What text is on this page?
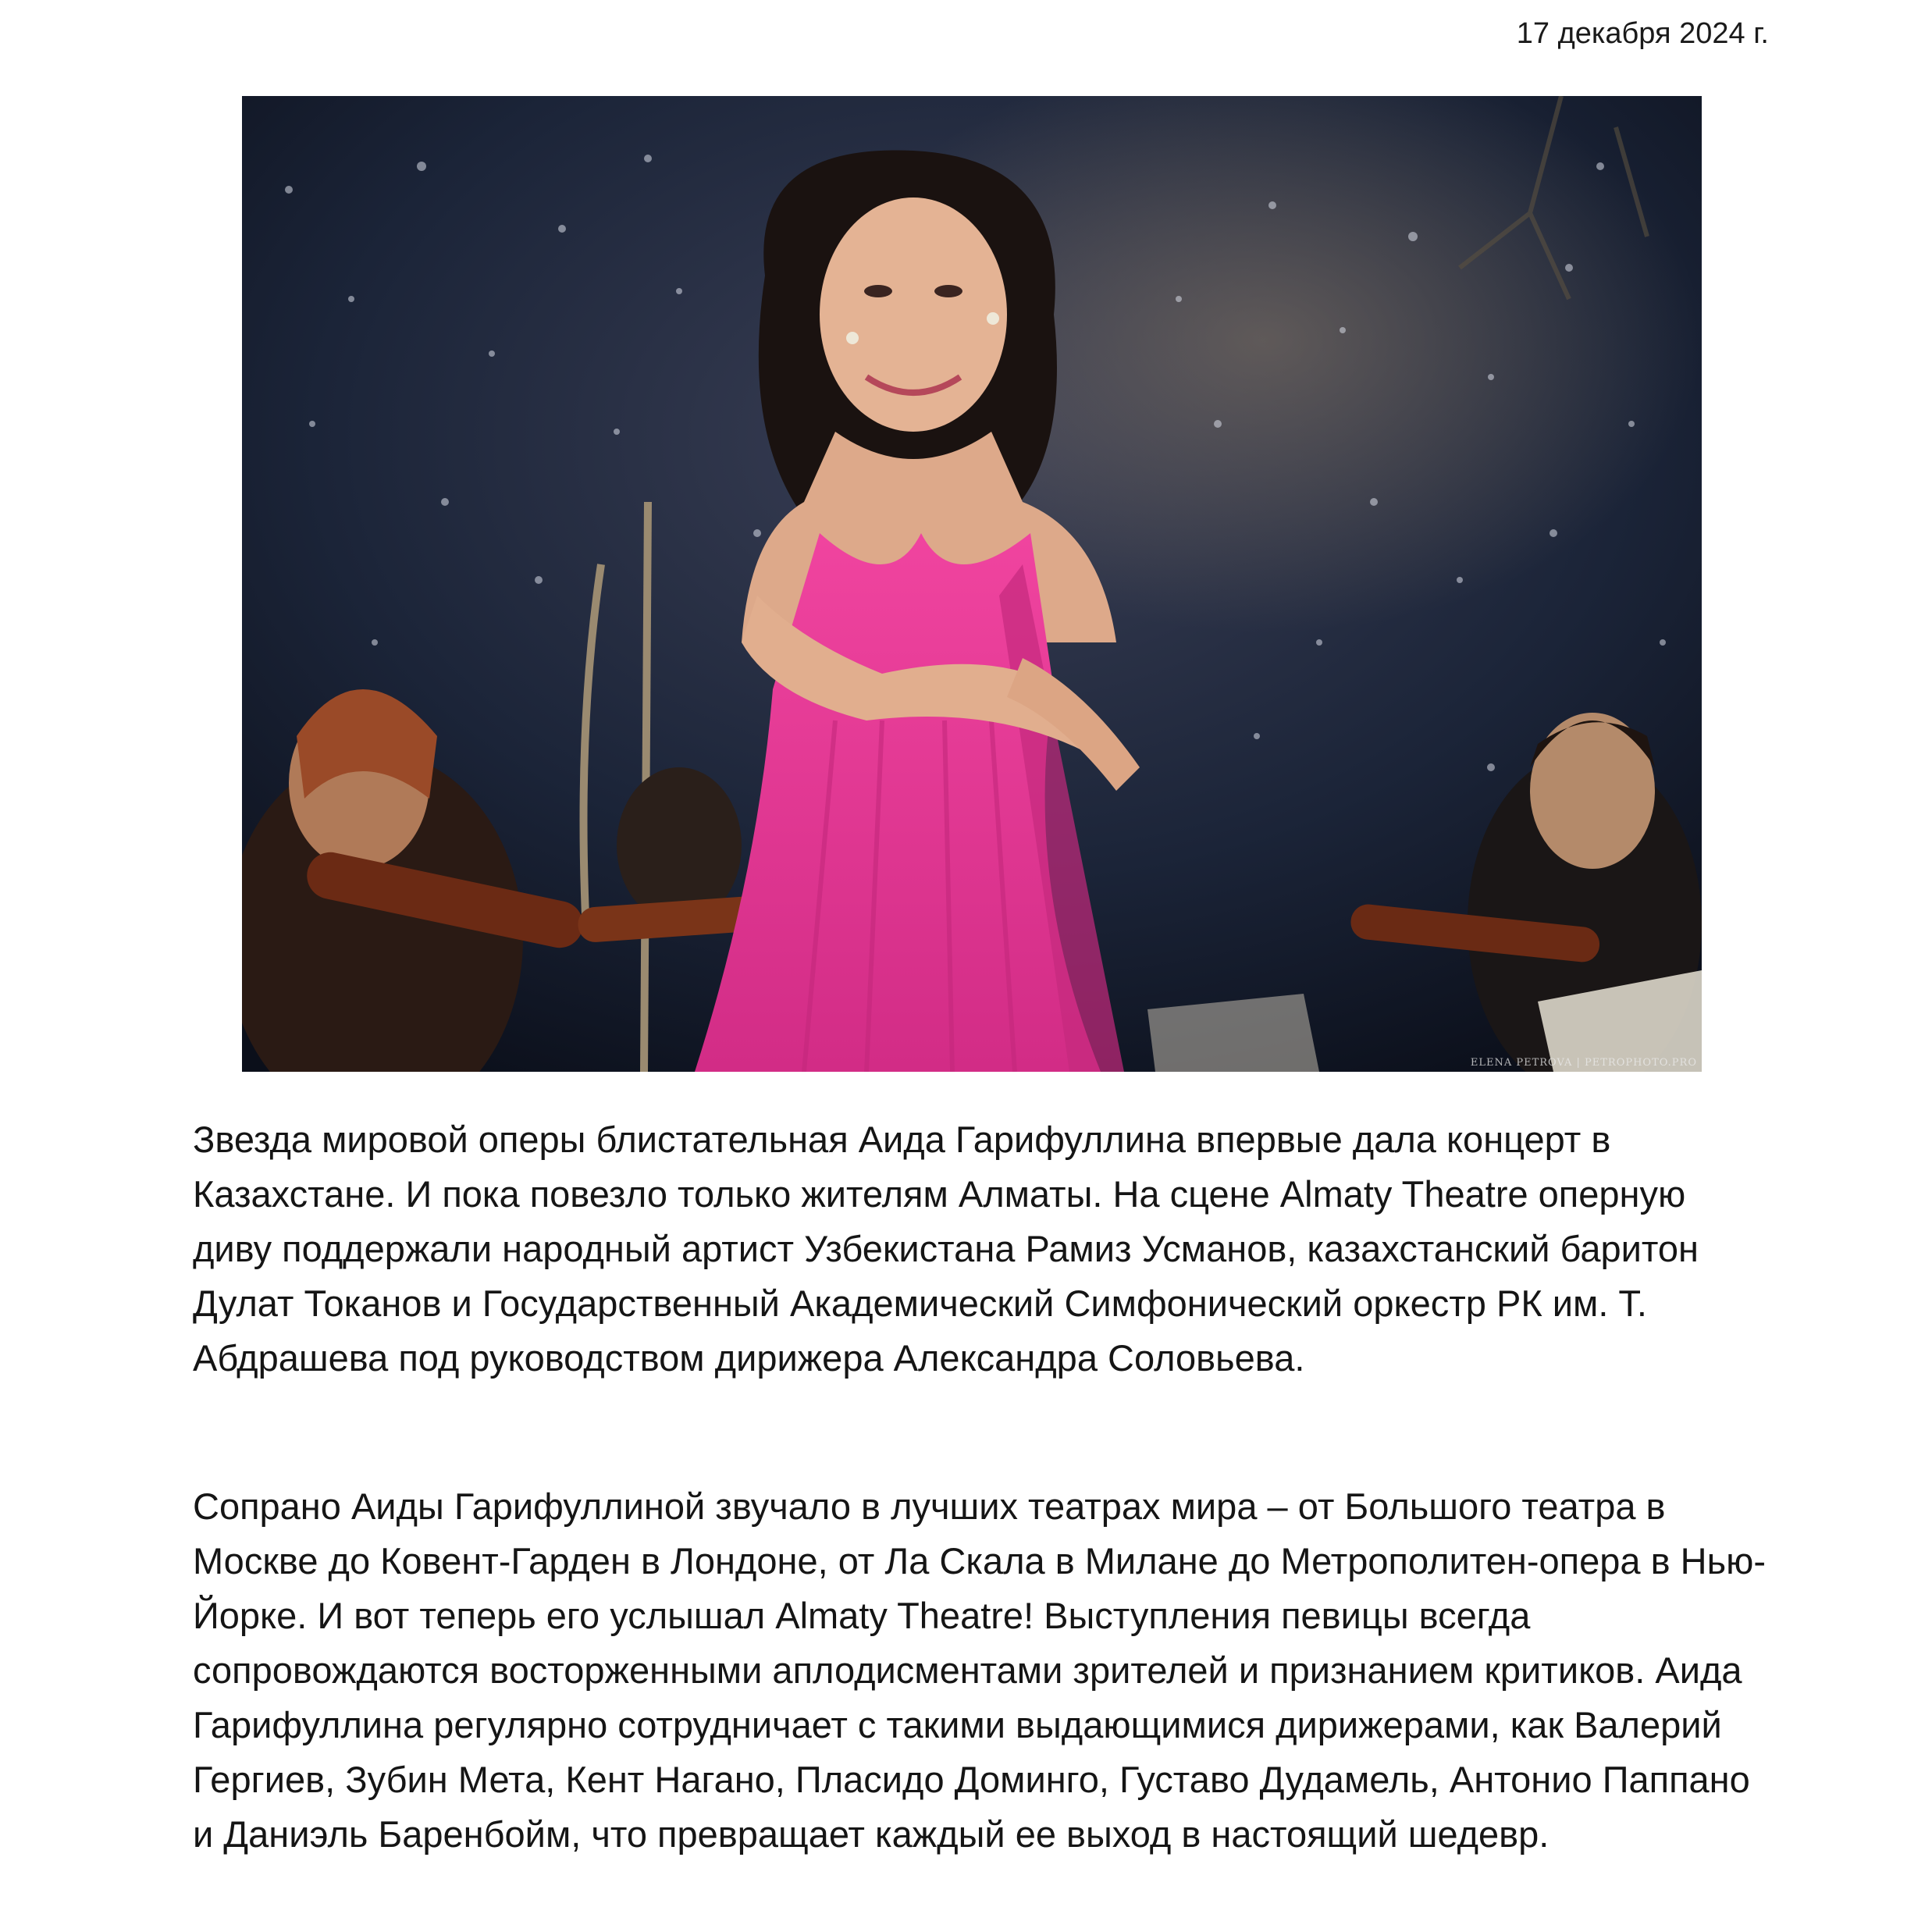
17 декабря 2024 г.
ELENA PETROVA | PETROPHOTO.PRO

Звезда мировой оперы блистательная Аида Гарифуллина впервые дала концерт в Казахстане. И пока повезло только жителям Алматы. На сцене Almaty Theatre оперную диву поддержали народный артист Узбекистана Рамиз Усманов, казахстанский баритон Дулат Токанов и Государственный Академический Симфонический оркестр РК им. Т. Абдрашева под руководством дирижера Александра Соловьева.

Сопрано Аиды Гарифуллиной звучало в лучших театрах мира – от Большого театра в Москве до Ковент-Гарден в Лондоне, от Ла Скала в Милане до Метрополитен-опера в Нью-Йорке. И вот теперь его услышал Almaty Theatre! Выступления певицы всегда сопровождаются восторженными аплодисментами зрителей и признанием критиков. Аида Гарифуллина регулярно сотрудничает с такими выдающимися дирижерами, как Валерий Гергиев, Зубин Мета, Кент Нагано, Пласидо Доминго, Густаво Дудамель, Антонио Паппано и Даниэль Баренбойм, что превращает каждый ее выход в настоящий шедевр.
